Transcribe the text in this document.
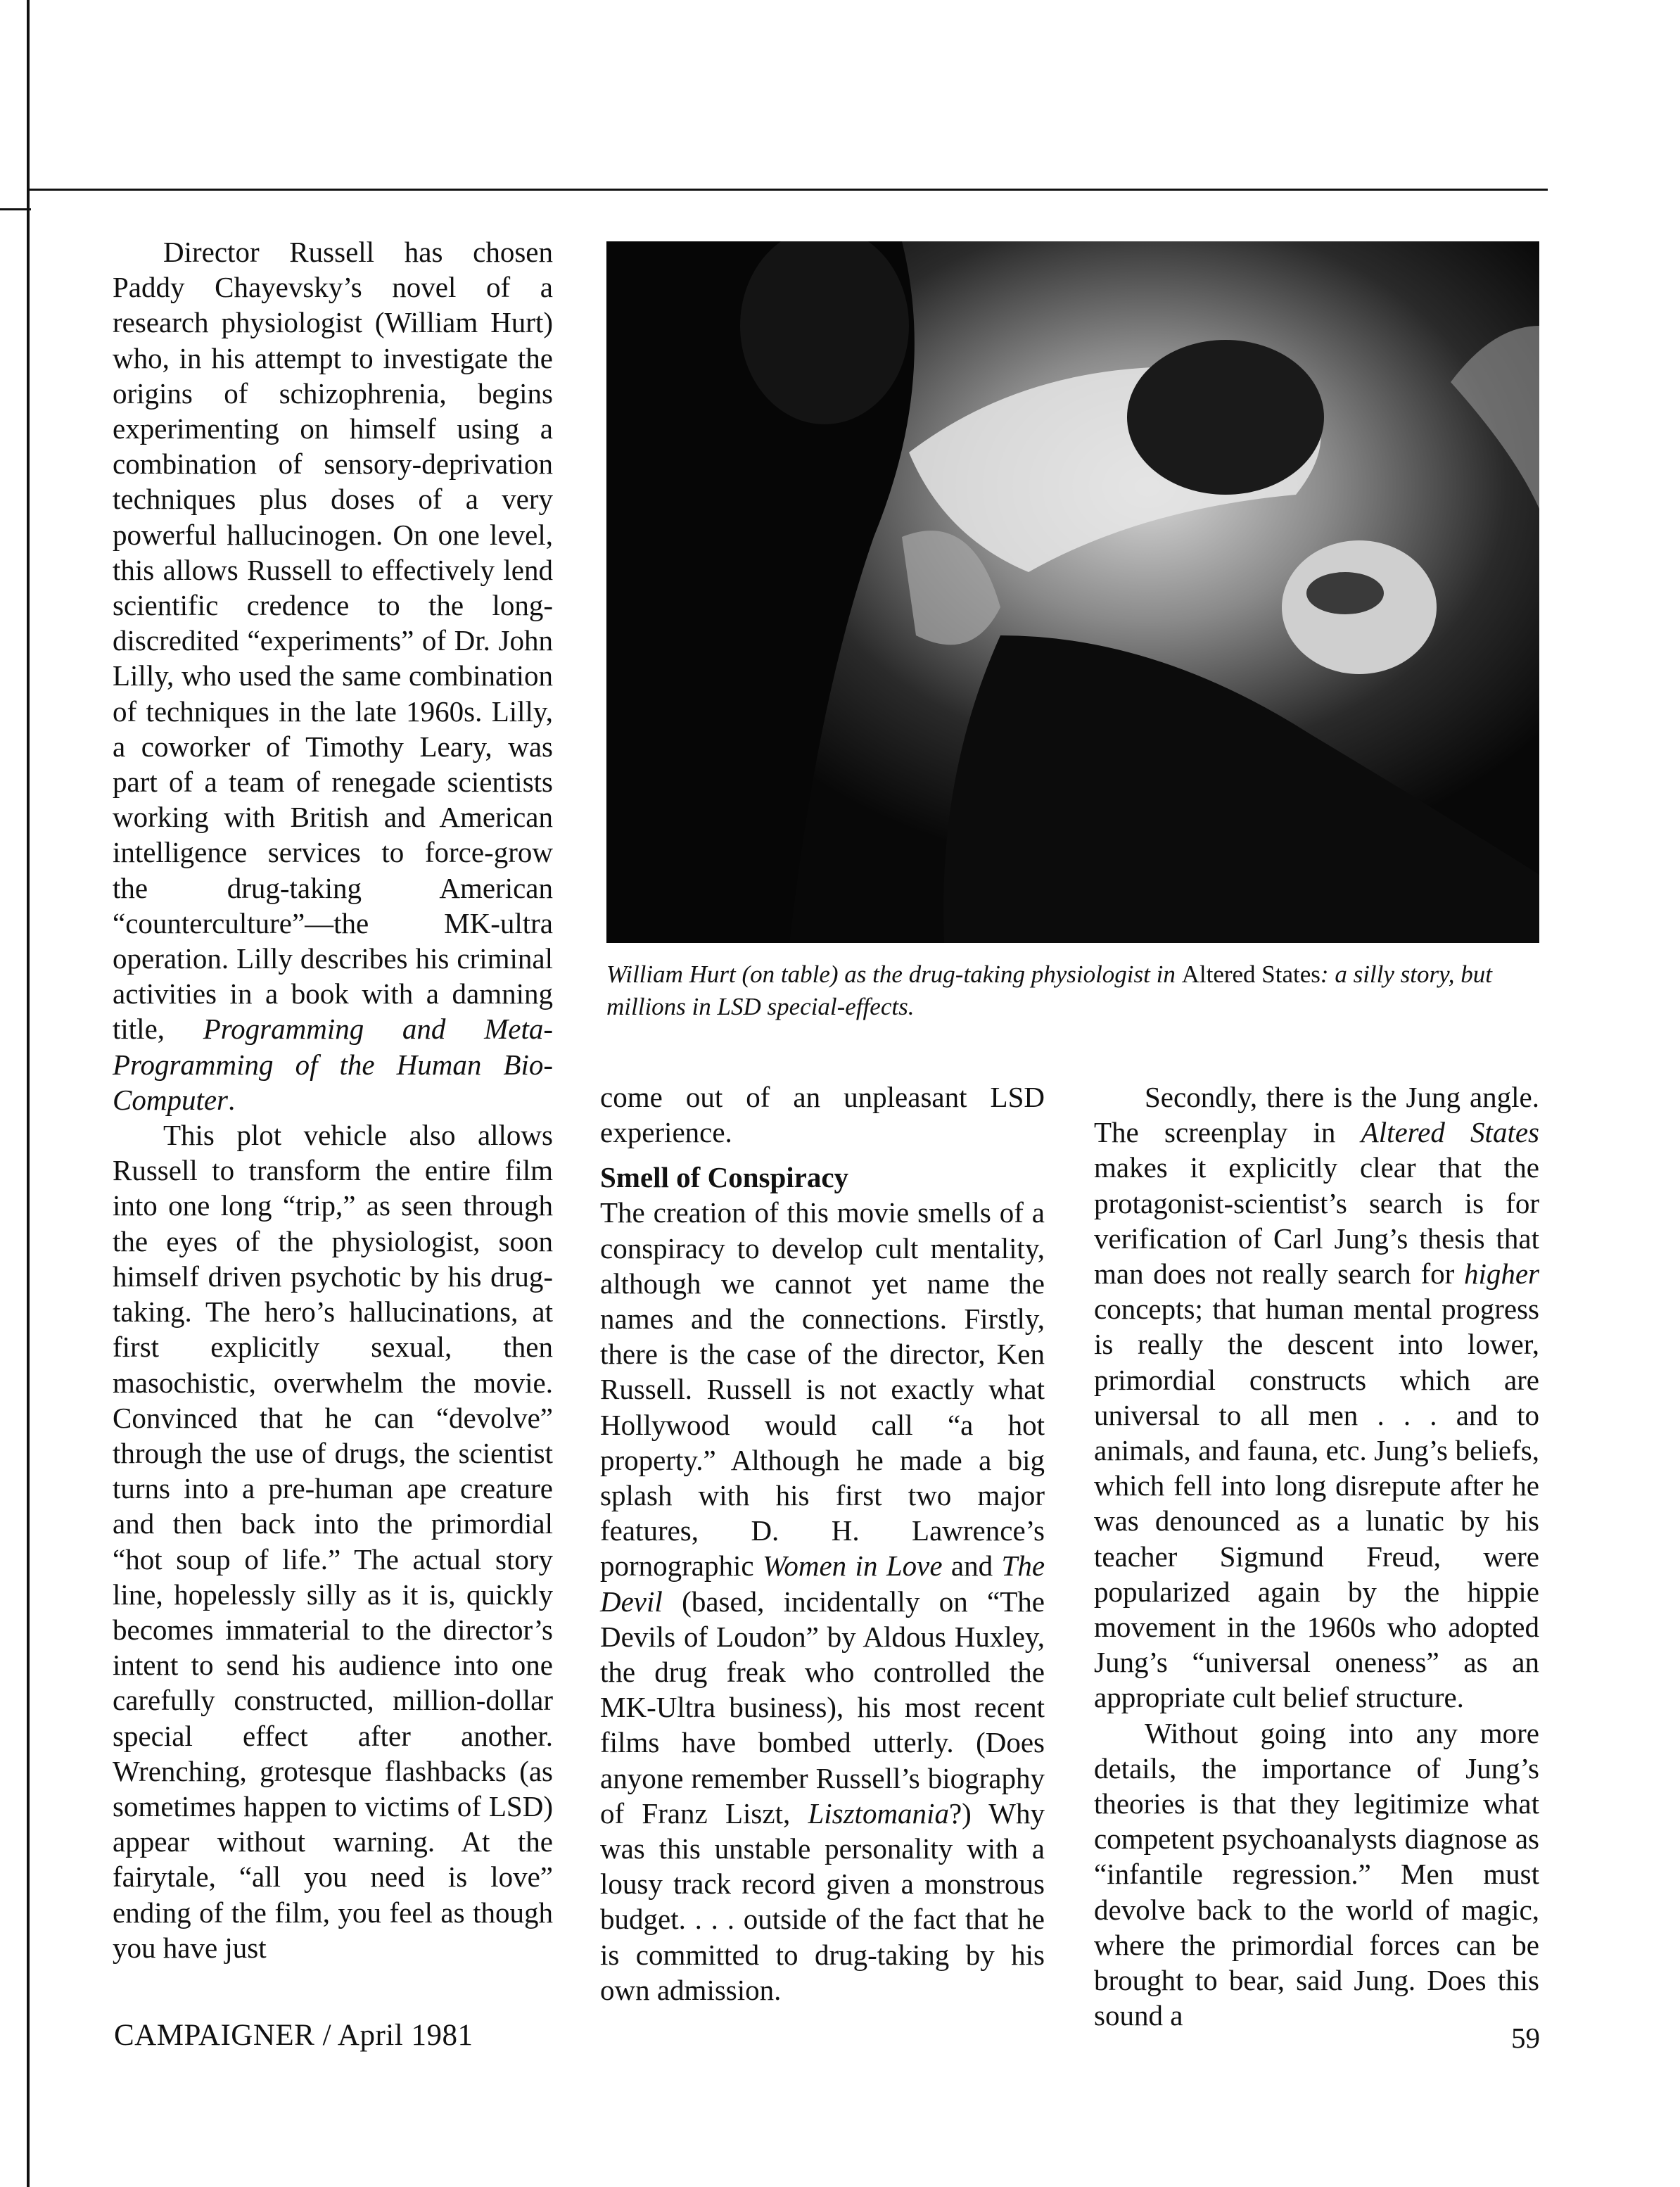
Director Russell has chosen Paddy Chayevsky’s novel of a research physiologist (William Hurt) who, in his attempt to investigate the origins of schizophrenia, begins experimenting on himself using a combination of sensory-deprivation techniques plus doses of a very powerful hallucinogen. On one level, this allows Russell to effectively lend scientific credence to the long-discredited “experiments” of Dr. John Lilly, who used the same combination of techniques in the late 1960s. Lilly, a coworker of Timothy Leary, was part of a team of renegade scientists working with British and American intelligence services to force-grow the drug-taking American “counterculture”—the MK-ultra operation. Lilly describes his criminal activities in a book with a damning title, Programming and Meta-Programming of the Human Bio-Computer.

This plot vehicle also allows Russell to transform the entire film into one long “trip,” as seen through the eyes of the physiologist, soon himself driven psychotic by his drug-taking. The hero’s hallucinations, at first explicitly sexual, then masochistic, overwhelm the movie. Convinced that he can “devolve” through the use of drugs, the scientist turns into a pre-human ape creature and then back into the primordial “hot soup of life.” The actual story line, hopelessly silly as it is, quickly becomes immaterial to the director’s intent to send his audience into one carefully constructed, million-dollar special effect after another. Wrenching, grotesque flashbacks (as sometimes happen to victims of LSD) appear without warning. At the fairytale, “all you need is love” ending of the film, you feel as though you have just

William Hurt (on table) as the drug-taking physiologist in Altered States: a silly story, but millions in LSD special-effects.

come out of an unpleasant LSD experience.

Smell of Conspiracy

The creation of this movie smells of a conspiracy to develop cult mentality, although we cannot yet name the names and the connections. Firstly, there is the case of the director, Ken Russell. Russell is not exactly what Hollywood would call “a hot property.” Although he made a big splash with his first two major features, D. H. Lawrence’s pornographic Women in Love and The Devil (based, incidentally on “The Devils of Loudon” by Aldous Huxley, the drug freak who controlled the MK-Ultra business), his most recent films have bombed utterly. (Does anyone remember Russell’s biography of Franz Liszt, Lisztomania?) Why was this unstable personality with a lousy track record given a monstrous budget. . . . outside of the fact that he is committed to drug-taking by his own admission.

Secondly, there is the Jung angle. The screenplay in Altered States makes it explicitly clear that the protagonist-scientist’s search is for verification of Carl Jung’s thesis that man does not really search for higher concepts; that human mental progress is really the descent into lower, primordial constructs which are universal to all men . . . and to animals, and fauna, etc. Jung’s beliefs, which fell into long disrepute after he was denounced as a lunatic by his teacher Sigmund Freud, were popularized again by the hippie movement in the 1960s who adopted Jung’s “universal oneness” as an appropriate cult belief structure.

Without going into any more details, the importance of Jung’s theories is that they legitimize what competent psychoanalysts diagnose as “infantile regression.” Men must devolve back to the world of magic, where the primordial forces can be brought to bear, said Jung. Does this sound a

CAMPAIGNER / April 1981	59
